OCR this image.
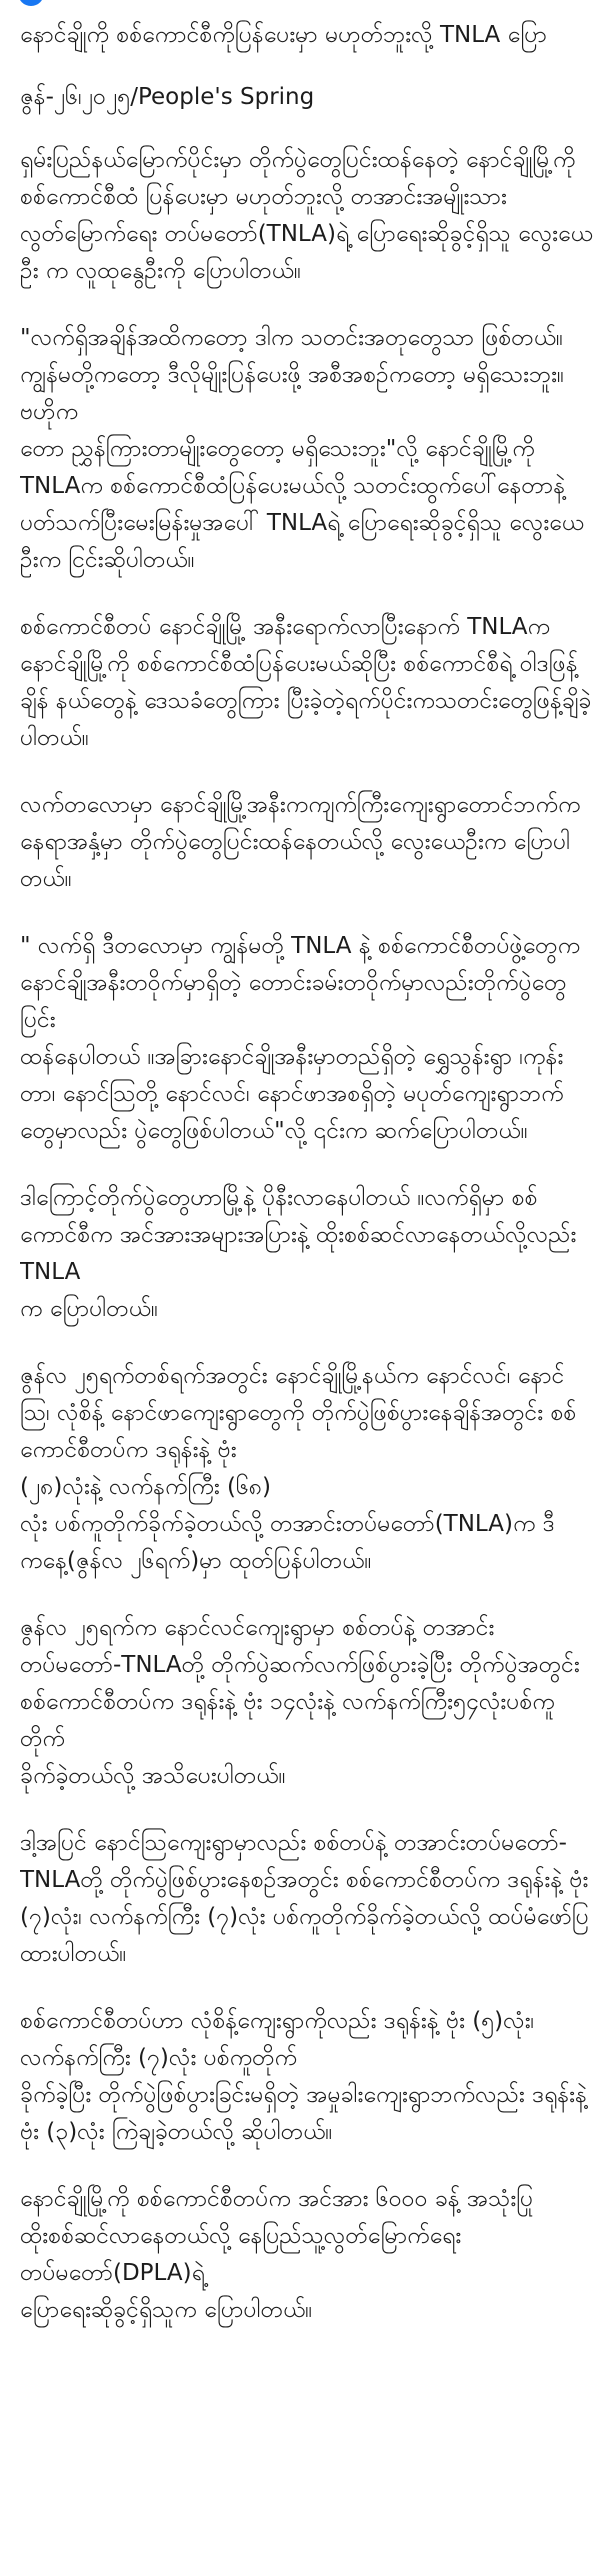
နောင်ချိုကို စစ်ကောင်စီကိုပြန်ပေးမှာ မဟုတ်ဘူးလို့ TNLA ပြော

ဇွန်-၂၆၊၂၀၂၅/People's Spring

ရှမ်းပြည်နယ်မြောက်ပိုင်းမှာ တိုက်ပွဲတွေပြင်းထန်နေတဲ့ နောင်ချိုမြို့ကို စစ်ကောင်စီထံ ပြန်ပေးမှာ မဟုတ်ဘူးလို့ တအာင်းအမျိုးသားလွတ်မြောက်ရေး တပ်မတော်(TNLA)ရဲ့ ပြောရေးဆိုခွင့်ရှိသူ လွေးယေဦး က လူထုနွေဦးကို ပြောပါတယ်။

"လက်ရှိအချိန်အထိကတော့ ဒါက သတင်းအတုတွေသာ ဖြစ်တယ်။ ကျွန်မတို့ကတော့ ဒီလိုမျိုးပြန်ပေးဖို့ အစီအစဉ်ကတော့ မရှိသေးဘူး။ ဗဟိုက
တော ညွှန်ကြားတာမျိုးတွေတော့ မရှိသေးဘူး"လို့ နောင်ချိုမြို့ကို TNLAက စစ်ကောင်စီထံပြန်ပေးမယ်လို့ သတင်းထွက်ပေါ်နေတာနဲ့ပတ်သက်ပြီးမေးမြန်းမှုအပေါ် TNLAရဲ့ ပြောရေးဆိုခွင့်ရှိသူ လွေးယေဦးက ငြင်းဆိုပါတယ်။

စစ်ကောင်စီတပ် နောင်ချိုမြို့ အနီးရောက်လာပြီးနောက် TNLAက နောင်ချိုမြို့ကို စစ်ကောင်စီထံပြန်ပေးမယ်ဆိုပြီး စစ်ကောင်စီရဲ့ ဝါဒဖြန့်ချိန် နယ်တွေနဲ့ ဒေသခံတွေကြား ပြီးခဲ့တဲ့ရက်ပိုင်းကသတင်းတွေဖြန့်ချိခဲ့ပါတယ်။

လက်တလောမှာ နောင်ချိုမြို့အနီးကကျက်ကြီးကျေးရွာတောင်ဘက်က နေရာအနှံ့မှာ တိုက်ပွဲတွေပြင်းထန်နေတယ်လို့ လွေးယေဦးက ပြောပါတယ်။

" လက်ရှိ ဒီတလောမှာ ကျွန်မတို့ TNLA နဲ့ စစ်ကောင်စီတပ်ဖွဲ့တွေက နောင်ချိုအနီးတဝိုက်မှာရှိတဲ့ တောင်းခမ်းတဝိုက်မှာလည်းတိုက်ပွဲတွေပြင်း
ထန်နေပါတယ် ။အခြားနောင်ချိုအနီးမှာတည်ရှိတဲ့ ရွှေသွန်းရွာ ၊ကုန်းတာ၊ နောင်ဩတို့ နောင်လင်၊ နောင်ဖာအစရှိတဲ့ မပုတ်ကျေးရွာဘက်တွေမှာလည်း ပွဲတွေဖြစ်ပါတယ်"လို့ ၎င်းက ဆက်ပြောပါတယ်။

ဒါကြောင့်တိုက်ပွဲတွေဟာမြို့နဲ့ ပိုနီးလာနေပါတယ် ။လက်ရှိမှာ စစ်ကောင်စီက အင်အားအများအပြားနဲ့ ထိုးစစ်ဆင်လာနေတယ်လို့လည်း TNLA
က ပြောပါတယ်။

ဇွန်လ ၂၅ရက်တစ်ရက်အတွင်း နောင်ချိုမြို့နယ်က နောင်လင်၊ နောင်ဩ၊ လုံစိန့် နောင်ဖာကျေးရွာတွေကို တိုက်ပွဲဖြစ်ပွားနေချိန်အတွင်း စစ်ကောင်စီတပ်က ဒရုန်းနဲ့ ဗုံး
(၂၈)လုံးနဲ့ လက်နက်ကြီး (၆၈)
လုံး ပစ်ကူတိုက်ခိုက်ခဲ့တယ်လို့ တအာင်းတပ်မတော်(TNLA)က ဒီကနေ့(ဇွန်လ ၂၆ရက်)မှာ ထုတ်ပြန်ပါတယ်။

ဇွန်လ ၂၅ရက်က နောင်လင်ကျေးရွာမှာ စစ်တပ်နဲ့ တအာင်းတပ်မတော်-TNLAတို့ တိုက်ပွဲဆက်လက်ဖြစ်ပွားခဲ့ပြီး တိုက်ပွဲအတွင်း စစ်ကောင်စီတပ်က ဒရုန်းနဲ့ ဗုံး ၁၄လုံးနဲ့ လက်နက်ကြီး၅၄လုံးပစ်ကူတိုက်
ခိုက်ခဲ့တယ်လို့ အသိပေးပါတယ်။

ဒါ့အပြင် နောင်ဩကျေးရွာမှာလည်း စစ်တပ်နဲ့ တအာင်းတပ်မတော်-TNLAတို့ တိုက်ပွဲဖြစ်ပွားနေစဉ်အတွင်း စစ်ကောင်စီတပ်က ဒရုန်းနဲ့ ဗုံး (၇)လုံး၊ လက်နက်ကြီး (၇)လုံး ပစ်ကူတိုက်ခိုက်ခဲ့တယ်လို့ ထပ်မံဖော်ပြထားပါတယ်။

စစ်ကောင်စီတပ်ဟာ လုံစိန့်ကျေးရွာကိုလည်း ဒရုန်းနဲ့ ဗုံး (၅)လုံး၊ လက်နက်ကြီး (၇)လုံး ပစ်ကူတိုက်
ခိုက်ခဲ့ပြီး တိုက်ပွဲဖြစ်ပွားခြင်းမရှိတဲ့ အမှုခါးကျေးရွာဘက်လည်း ဒရုန်းနဲ့ ဗုံး (၃)လုံး ကြဲချခဲ့တယ်လို့ ဆိုပါတယ်။

နောင်ချိုမြို့ကို စစ်ကောင်စီတပ်က အင်အား ၆၀၀၀ ခန့် အသုံးပြု ထိုးစစ်ဆင်လာနေတယ်လို့ နေပြည်သူ့လွတ်မြောက်ရေးတပ်မတော်(DPLA)ရဲ့
ပြောရေးဆိုခွင့်ရှိသူက ပြောပါတယ်။
